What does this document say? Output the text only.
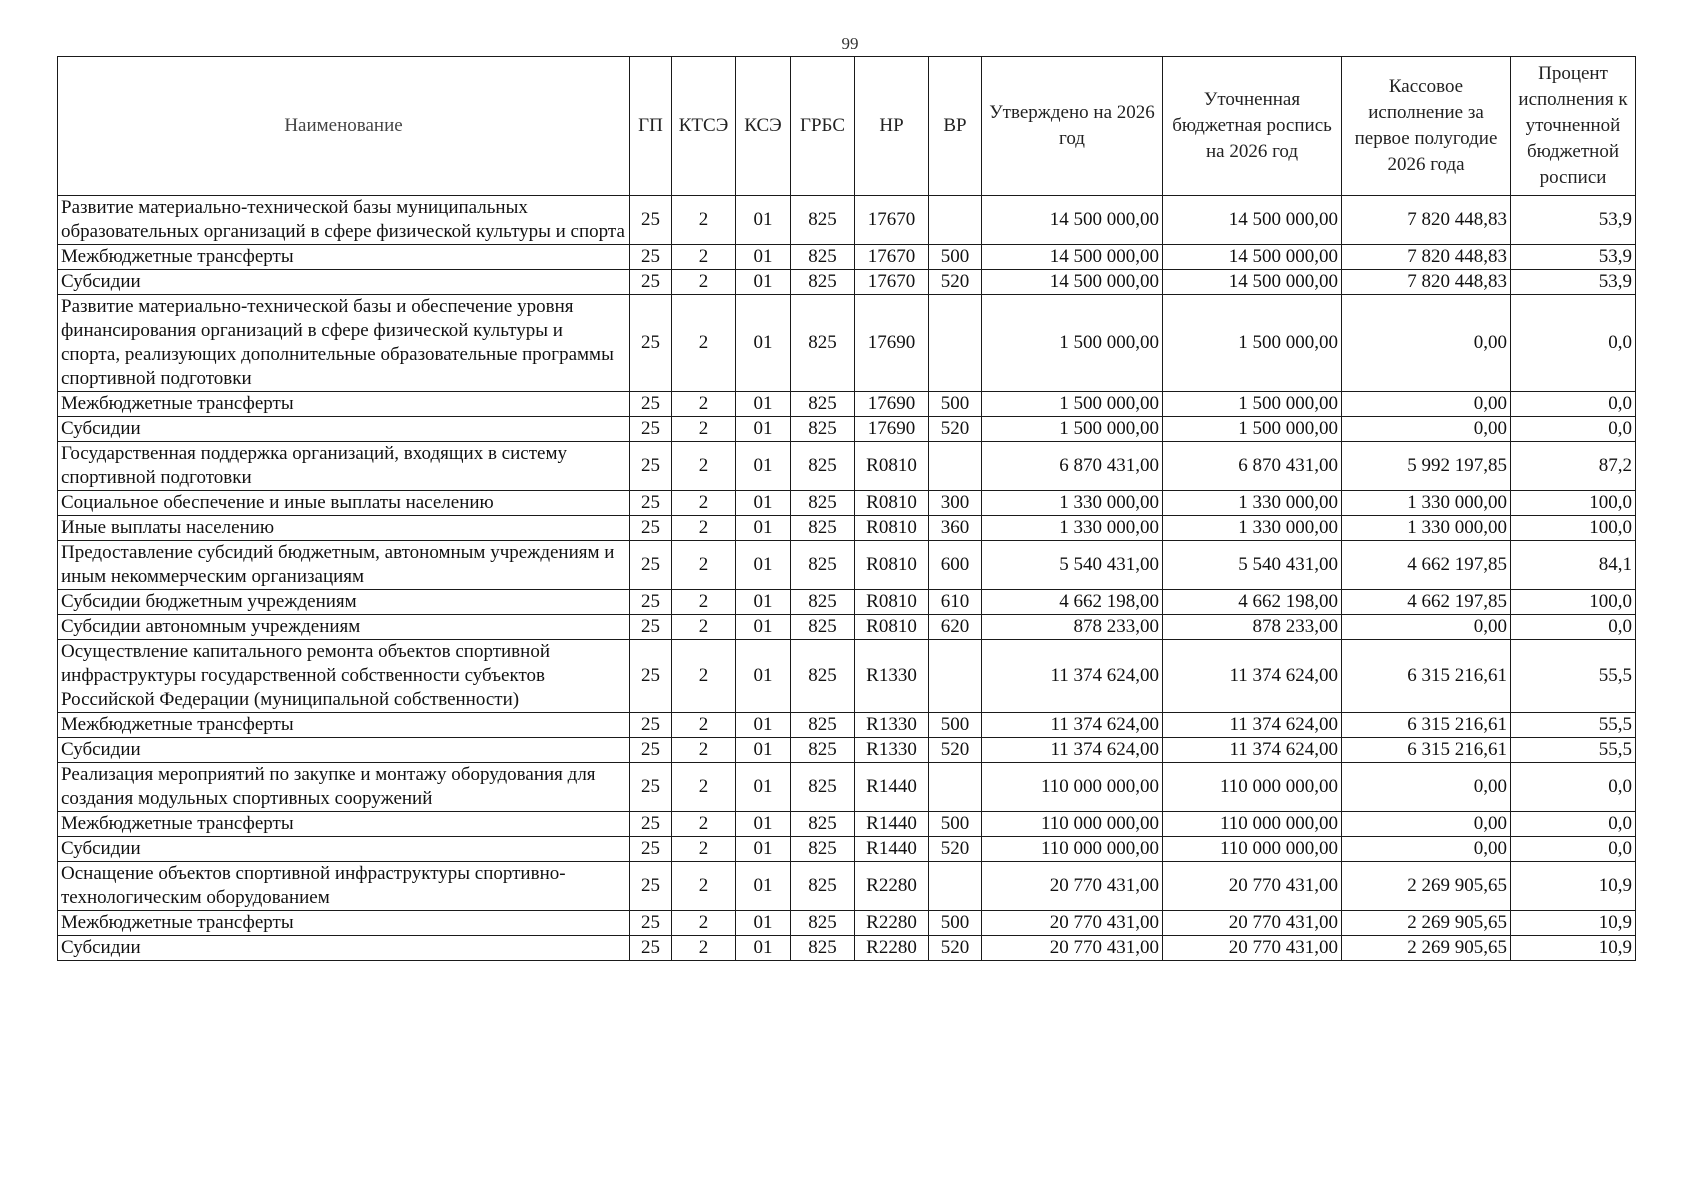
99
Наименование	ГП	КТСЭ	КСЭ	ГРБС	НР	ВР	Утверждено на 2026 год	Уточненная бюджетная роспись на 2026 год	Кассовое исполнение за первое полугодие 2026 года	Процент исполнения к уточненной бюджетной росписи
Развитие материально-технической базы муниципальных образовательных организаций в сфере физической культуры и спорта	25	2	01	825	17670		14 500 000,00	14 500 000,00	7 820 448,83	53,9
Межбюджетные трансферты	25	2	01	825	17670	500	14 500 000,00	14 500 000,00	7 820 448,83	53,9
Субсидии	25	2	01	825	17670	520	14 500 000,00	14 500 000,00	7 820 448,83	53,9
Развитие материально-технической базы и обеспечение уровня финансирования организаций в сфере физической культуры и спорта, реализующих дополнительные образовательные программы спортивной подготовки	25	2	01	825	17690		1 500 000,00	1 500 000,00	0,00	0,0
Межбюджетные трансферты	25	2	01	825	17690	500	1 500 000,00	1 500 000,00	0,00	0,0
Субсидии	25	2	01	825	17690	520	1 500 000,00	1 500 000,00	0,00	0,0
Государственная поддержка организаций, входящих в систему спортивной подготовки	25	2	01	825	R0810		6 870 431,00	6 870 431,00	5 992 197,85	87,2
Социальное обеспечение и иные выплаты населению	25	2	01	825	R0810	300	1 330 000,00	1 330 000,00	1 330 000,00	100,0
Иные выплаты населению	25	2	01	825	R0810	360	1 330 000,00	1 330 000,00	1 330 000,00	100,0
Предоставление субсидий бюджетным, автономным учреждениям и иным некоммерческим организациям	25	2	01	825	R0810	600	5 540 431,00	5 540 431,00	4 662 197,85	84,1
Субсидии бюджетным учреждениям	25	2	01	825	R0810	610	4 662 198,00	4 662 198,00	4 662 197,85	100,0
Субсидии автономным учреждениям	25	2	01	825	R0810	620	878 233,00	878 233,00	0,00	0,0
Осуществление капитального ремонта объектов спортивной инфраструктуры государственной собственности субъектов Российской Федерации (муниципальной собственности)	25	2	01	825	R1330		11 374 624,00	11 374 624,00	6 315 216,61	55,5
Межбюджетные трансферты	25	2	01	825	R1330	500	11 374 624,00	11 374 624,00	6 315 216,61	55,5
Субсидии	25	2	01	825	R1330	520	11 374 624,00	11 374 624,00	6 315 216,61	55,5
Реализация мероприятий по закупке и монтажу оборудования для создания модульных спортивных сооружений	25	2	01	825	R1440		110 000 000,00	110 000 000,00	0,00	0,0
Межбюджетные трансферты	25	2	01	825	R1440	500	110 000 000,00	110 000 000,00	0,00	0,0
Субсидии	25	2	01	825	R1440	520	110 000 000,00	110 000 000,00	0,00	0,0
Оснащение объектов спортивной инфраструктуры спортивно-технологическим оборудованием	25	2	01	825	R2280		20 770 431,00	20 770 431,00	2 269 905,65	10,9
Межбюджетные трансферты	25	2	01	825	R2280	500	20 770 431,00	20 770 431,00	2 269 905,65	10,9
Субсидии	25	2	01	825	R2280	520	20 770 431,00	20 770 431,00	2 269 905,65	10,9
